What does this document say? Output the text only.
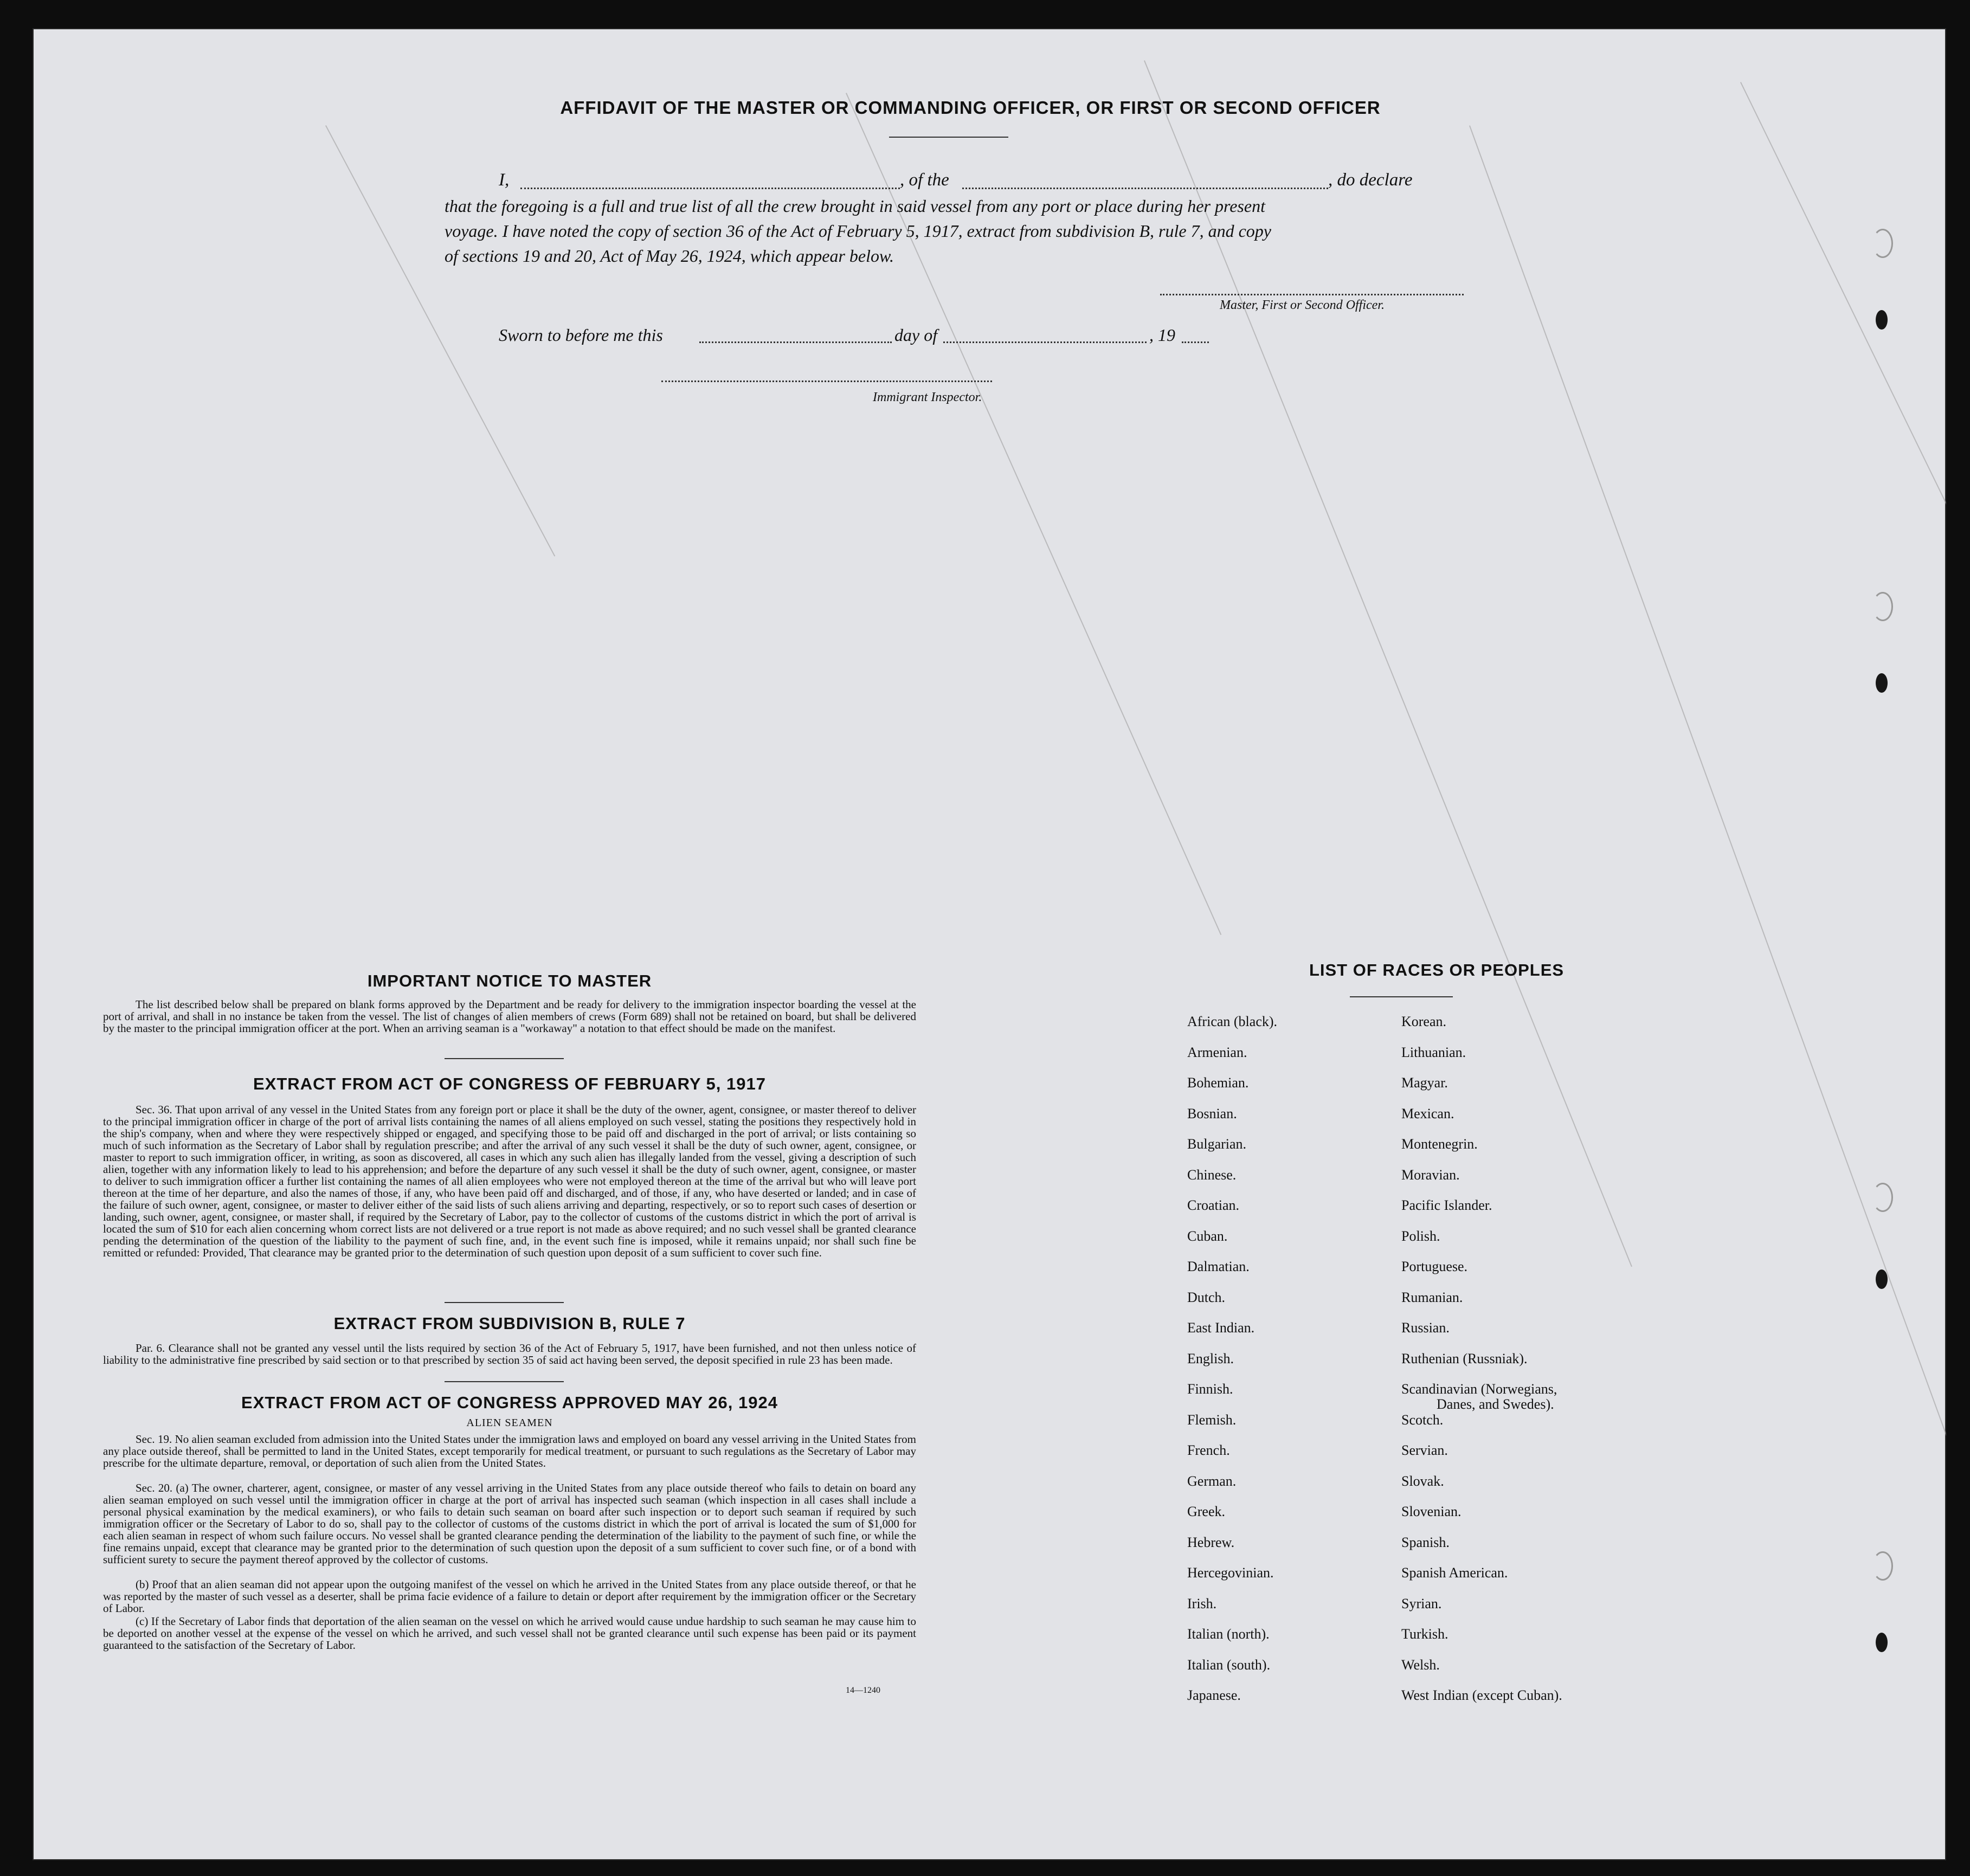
AFFIDAVIT OF THE MASTER OR COMMANDING OFFICER, OR FIRST OR SECOND OFFICER
I,	, of the	, do declare
that the foregoing is a full and true list of all the crew brought in said vessel from any port or place during her present
voyage. I have noted the copy of section 36 of the Act of February 5, 1917, extract from subdivision B, rule 7, and copy
of sections 19 and 20, Act of May 26, 1924, which appear below.
Master, First or Second Officer.
Sworn to before me this	day of	, 19
Immigrant Inspector.
IMPORTANT NOTICE TO MASTER
The list described below shall be prepared on blank forms approved by the Department and be ready for delivery to the immigration inspector boarding the vessel at the port of arrival, and shall in no instance be taken from the vessel. The list of changes of alien members of crews (Form 689) shall not be retained on board, but shall be delivered by the master to the principal immigration officer at the port. When an arriving seaman is a "workaway" a notation to that effect should be made on the manifest.
EXTRACT FROM ACT OF CONGRESS OF FEBRUARY 5, 1917
Sec. 36. That upon arrival of any vessel in the United States from any foreign port or place it shall be the duty of the owner, agent, consignee, or master thereof to deliver to the principal immigration officer in charge of the port of arrival lists containing the names of all aliens employed on such vessel, stating the positions they respectively hold in the ship's company, when and where they were respectively shipped or engaged, and specifying those to be paid off and discharged in the port of arrival; or lists containing so much of such information as the Secretary of Labor shall by regulation prescribe; and after the arrival of any such vessel it shall be the duty of such owner, agent, consignee, or master to report to such immigration officer, in writing, as soon as discovered, all cases in which any such alien has illegally landed from the vessel, giving a description of such alien, together with any information likely to lead to his apprehension; and before the departure of any such vessel it shall be the duty of such owner, agent, consignee, or master to deliver to such immigration officer a further list containing the names of all alien employees who were not employed thereon at the time of the arrival but who will leave port thereon at the time of her departure, and also the names of those, if any, who have been paid off and discharged, and of those, if any, who have deserted or landed; and in case of the failure of such owner, agent, consignee, or master to deliver either of the said lists of such aliens arriving and departing, respectively, or so to report such cases of desertion or landing, such owner, agent, consignee, or master shall, if required by the Secretary of Labor, pay to the collector of customs of the customs district in which the port of arrival is located the sum of $10 for each alien concerning whom correct lists are not delivered or a true report is not made as above required; and no such vessel shall be granted clearance pending the determination of the question of the liability to the payment of such fine, and, in the event such fine is imposed, while it remains unpaid; nor shall such fine be remitted or refunded: Provided, That clearance may be granted prior to the determination of such question upon deposit of a sum sufficient to cover such fine.
EXTRACT FROM SUBDIVISION B, RULE 7
Par. 6. Clearance shall not be granted any vessel until the lists required by section 36 of the Act of February 5, 1917, have been furnished, and not then unless notice of liability to the administrative fine prescribed by said section or to that prescribed by section 35 of said act having been served, the deposit specified in rule 23 has been made.
EXTRACT FROM ACT OF CONGRESS APPROVED MAY 26, 1924
ALIEN SEAMEN
Sec. 19. No alien seaman excluded from admission into the United States under the immigration laws and employed on board any vessel arriving in the United States from any place outside thereof, shall be permitted to land in the United States, except temporarily for medical treatment, or pursuant to such regulations as the Secretary of Labor may prescribe for the ultimate departure, removal, or deportation of such alien from the United States.
Sec. 20. (a) The owner, charterer, agent, consignee, or master of any vessel arriving in the United States from any place outside thereof who fails to detain on board any alien seaman employed on such vessel until the immigration officer in charge at the port of arrival has inspected such seaman (which inspection in all cases shall include a personal physical examination by the medical examiners), or who fails to detain such seaman on board after such inspection or to deport such seaman if required by such immigration officer or the Secretary of Labor to do so, shall pay to the collector of customs of the customs district in which the port of arrival is located the sum of $1,000 for each alien seaman in respect of whom such failure occurs. No vessel shall be granted clearance pending the determination of the liability to the payment of such fine, or while the fine remains unpaid, except that clearance may be granted prior to the determination of such question upon the deposit of a sum sufficient to cover such fine, or of a bond with sufficient surety to secure the payment thereof approved by the collector of customs.
(b) Proof that an alien seaman did not appear upon the outgoing manifest of the vessel on which he arrived in the United States from any place outside thereof, or that he was reported by the master of such vessel as a deserter, shall be prima facie evidence of a failure to detain or deport after requirement by the immigration officer or the Secretary of Labor.
(c) If the Secretary of Labor finds that deportation of the alien seaman on the vessel on which he arrived would cause undue hardship to such seaman he may cause him to be deported on another vessel at the expense of the vessel on which he arrived, and such vessel shall not be granted clearance until such expense has been paid or its payment guaranteed to the satisfaction of the Secretary of Labor.
14—1240
LIST OF RACES OR PEOPLES
African (black).
Armenian.
Bohemian.
Bosnian.
Bulgarian.
Chinese.
Croatian.
Cuban.
Dalmatian.
Dutch.
East Indian.
English.
Finnish.
Flemish.
French.
German.
Greek.
Hebrew.
Hercegovinian.
Irish.
Italian (north).
Italian (south).
Japanese.
Korean.
Lithuanian.
Magyar.
Mexican.
Montenegrin.
Moravian.
Pacific Islander.
Polish.
Portuguese.
Rumanian.
Russian.
Ruthenian (Russniak).
Scandinavian (Norwegians,
Scotch.
Servian.
Slovak.
Slovenian.
Spanish.
Spanish American.
Syrian.
Turkish.
Welsh.
West Indian (except Cuban).
Danes, and Swedes).
